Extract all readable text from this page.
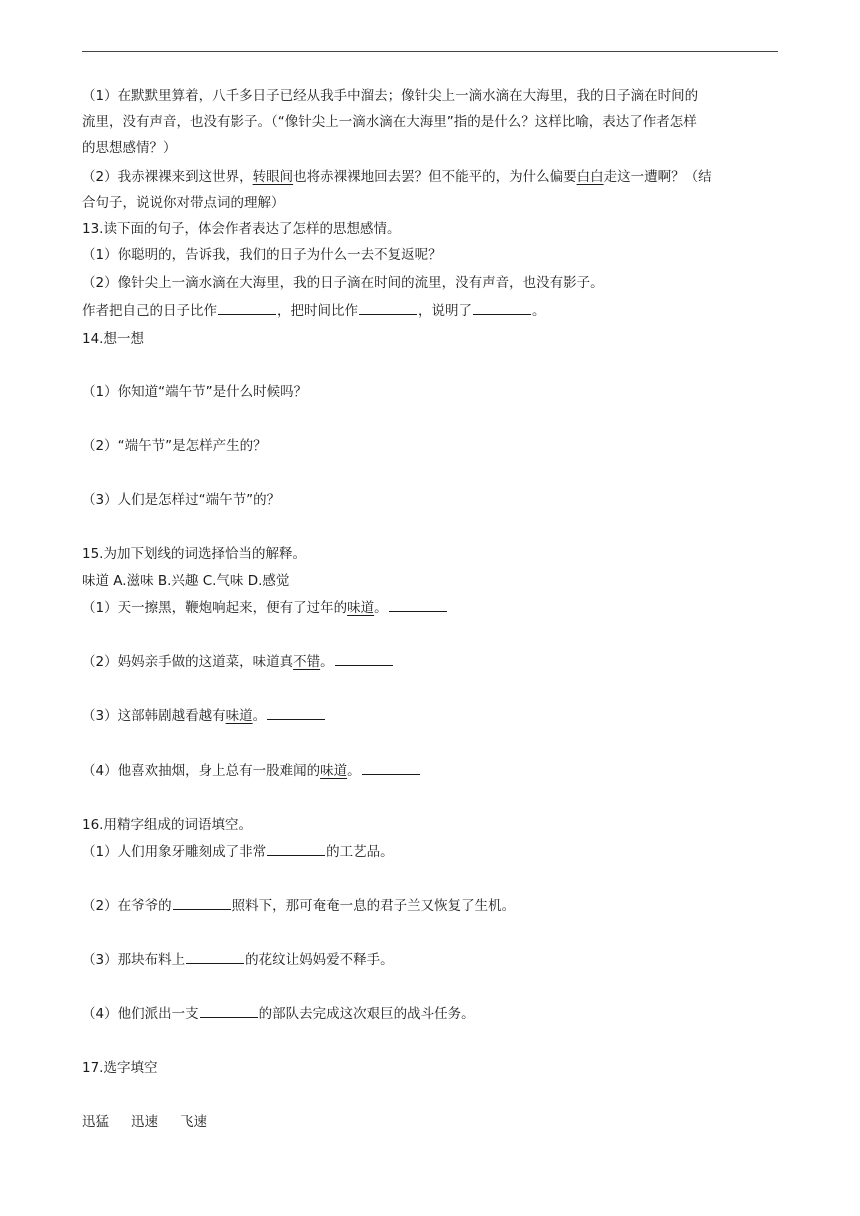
（1）在默默里算着，八千多日子已经从我手中溜去；像针尖上一滴水滴在大海里，我的日子滴在时间的
流里，没有声音，也没有影子。（“像针尖上一滴水滴在大海里”指的是什么？这样比喻，表达了作者怎样
的思想感情？）
（2）我赤裸裸来到这世界，转眼间也将赤裸裸地回去罢？但不能平的，为什么偏要白白走这一遭啊？（结
合句子，说说你对带点词的理解）
13.读下面的句子，体会作者表达了怎样的思想感情。
（1）你聪明的，告诉我，我们的日子为什么一去不复返呢？
（2）像针尖上一滴水滴在大海里，我的日子滴在时间的流里，没有声音，也没有影子。
作者把自己的日子比作	，把时间比作	，说明了	。
14.想一想
（1）你知道“端午节”是什么时候吗？
（2）“端午节”是怎样产生的？
（3）人们是怎样过“端午节”的？
15.为加下划线的词选择恰当的解释。
味道 A.滋味 B.兴趣 C.气味 D.感觉
（1）天一擦黑，鞭炮响起来，便有了过年的味道。
（2）妈妈亲手做的这道菜，味道真不错。
（3）这部韩剧越看越有味道。
（4）他喜欢抽烟，身上总有一股难闻的味道。
16.用精字组成的词语填空。
（1）人们用象牙雕刻成了非常	的工艺品。
（2）在爷爷的	照料下，那可奄奄一息的君子兰又恢复了生机。
（3）那块布料上	的花纹让妈妈爱不释手。
（4）他们派出一支	的部队去完成这次艰巨的战斗任务。
17.选字填空
迅猛 迅速 飞速
